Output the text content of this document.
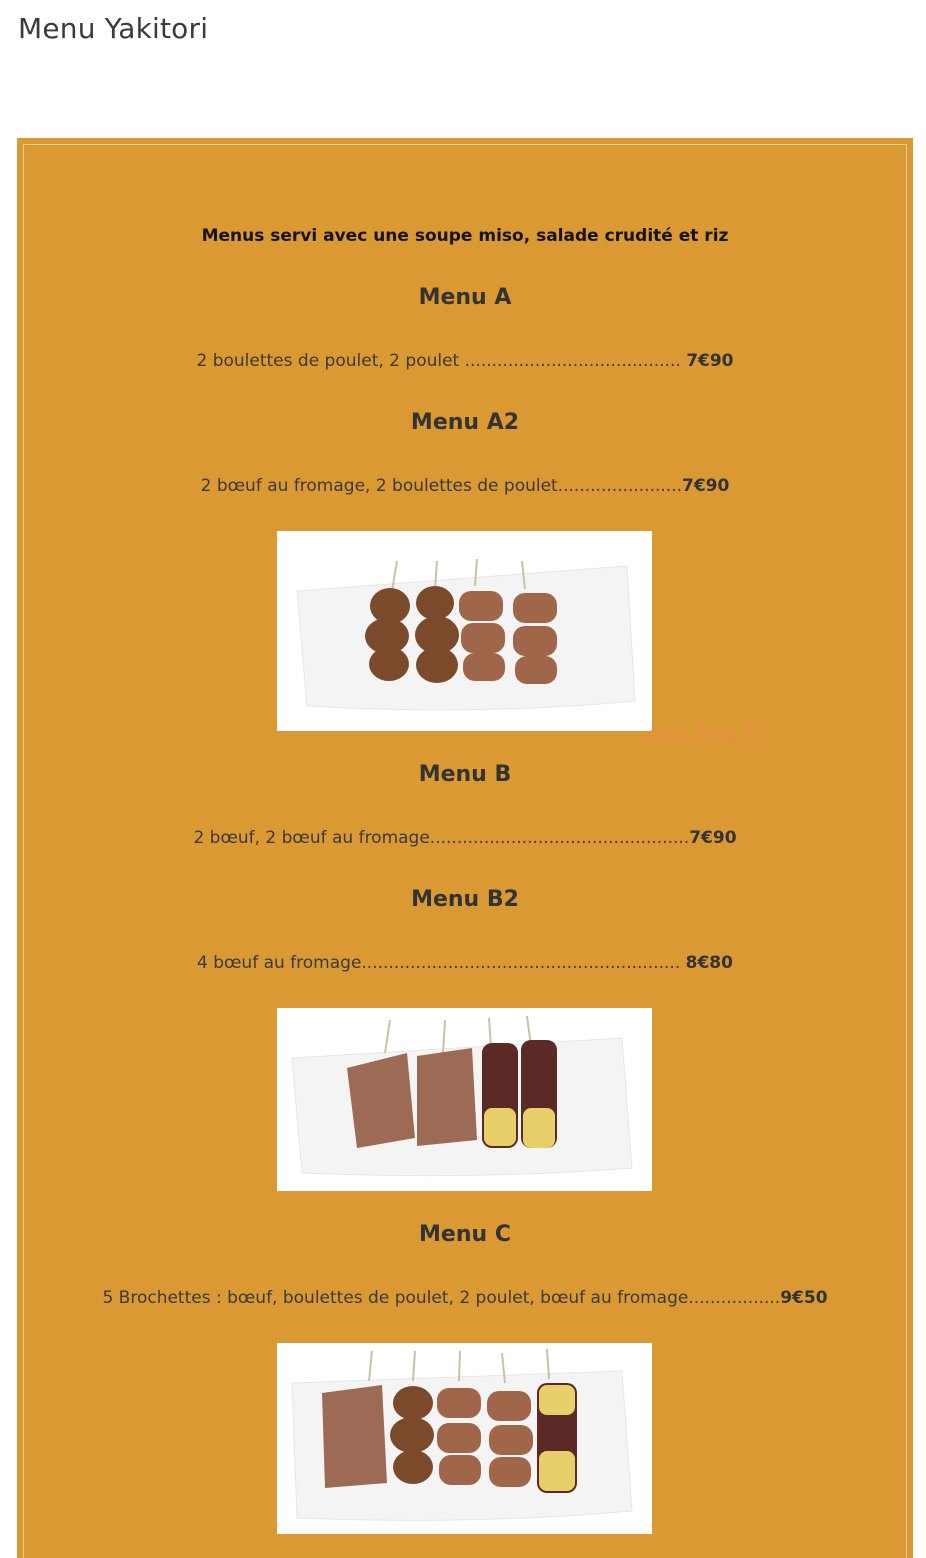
Menu Yakitori
Menus servi avec une soupe miso, salade crudité et riz
Menu A
2 boulettes de poulet, 2 poulet ........................................ 7€90
Menu A2
2 bœuf au fromage, 2 boulettes de poulet.......................7€90
eat-list.fr
Menu B
2 bœuf, 2 bœuf au fromage................................................7€90
Menu B2
4 bœuf au fromage........................................................... 8€80
Menu C
5 Brochettes : bœuf, boulettes de poulet, 2 poulet, bœuf au fromage.................9€50
